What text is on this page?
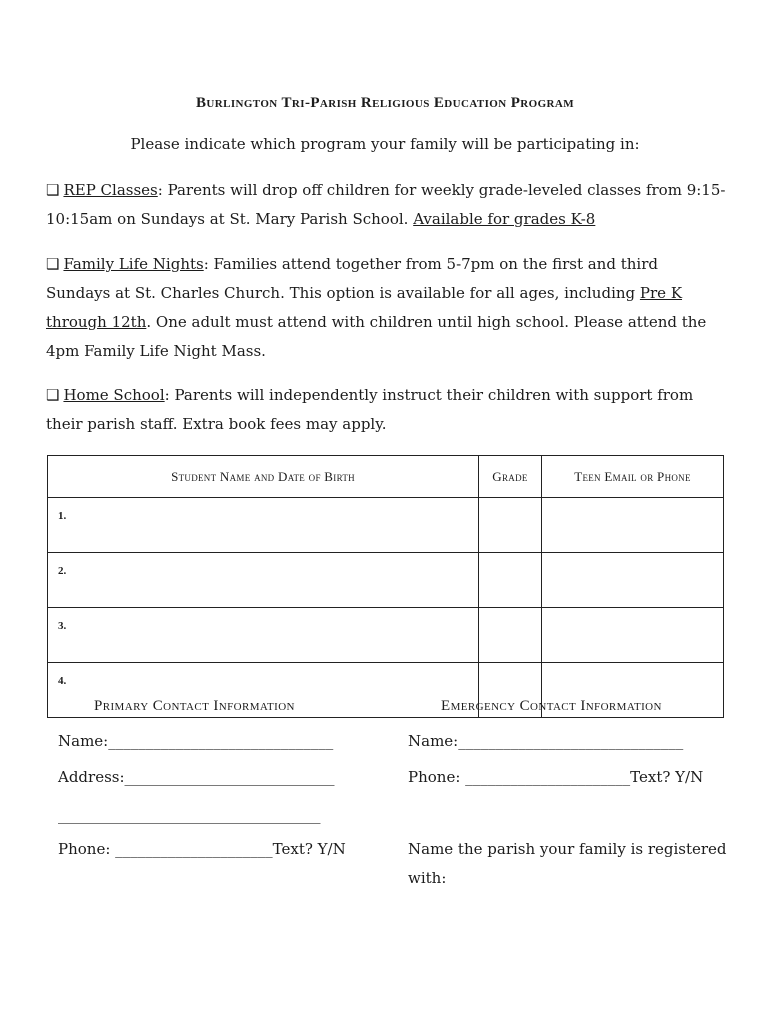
Burlington Tri-Parish Religious Education Program
Please indicate which program your family will be participating in:
❑ REP Classes: Parents will drop off children for weekly grade-leveled classes from 9:15-10:15am on Sundays at St. Mary Parish School. Available for grades K-8
❑ Family Life Nights: Families attend together from 5-7pm on the first and third Sundays at St. Charles Church. This option is available for all ages, including Pre K through 12th. One adult must attend with children until high school. Please attend the 4pm Family Life Night Mass.
❑ Home School: Parents will independently instruct their children with support from their parish staff. Extra book fees may apply.
Student Name and Date of Birth	Grade	Teen Email or Phone
1.		
2.		
3.		
4.		
Primary Contact Information	Emergency Contact Information
Name:______________________________
Address:____________________________
___________________________________
Phone: _____________________Text? Y/N
Name:______________________________
Phone: ______________________Text? Y/N
Name the parish your family is registered with:
